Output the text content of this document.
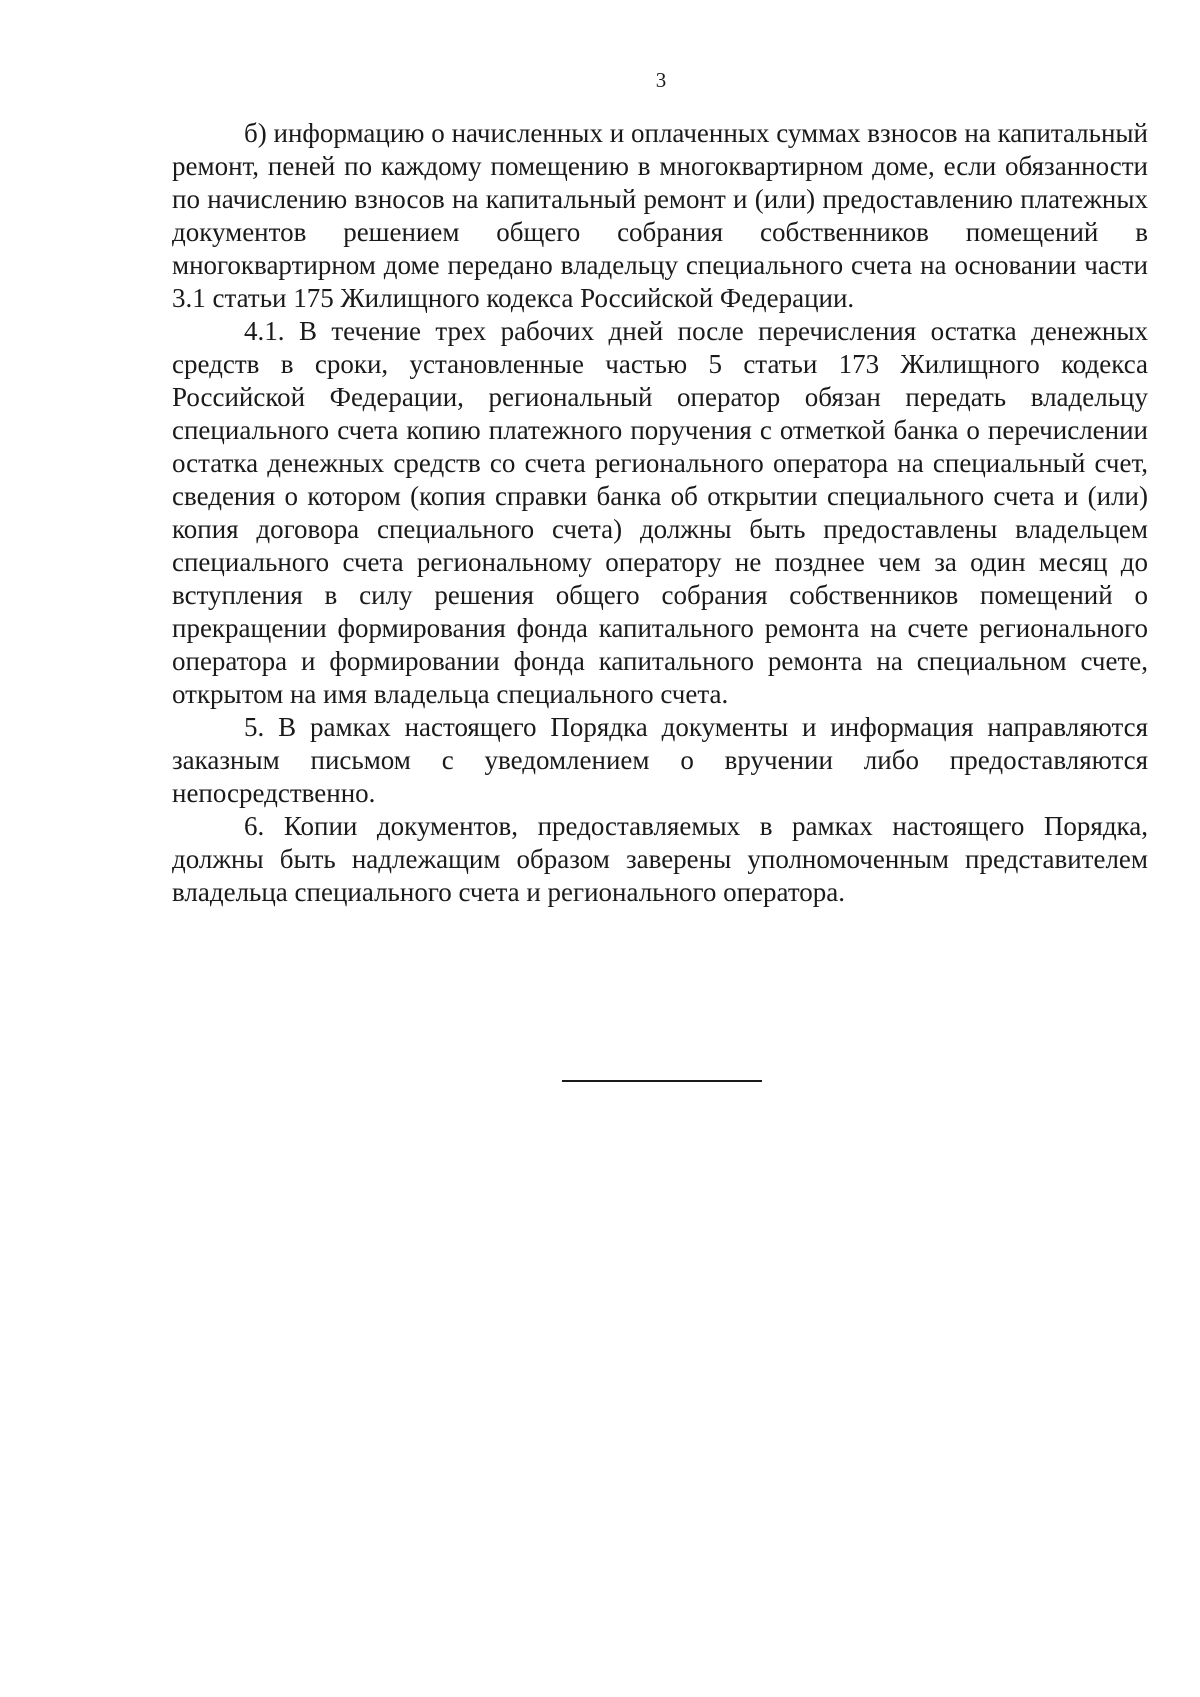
3

б) информацию о начисленных и оплаченных суммах взносов на капитальный ремонт, пеней по каждому помещению в многоквартирном доме, если обязанности по начислению взносов на капитальный ремонт и (или) предоставлению платежных документов решением общего собрания собственников помещений в многоквартирном доме передано владельцу специального счета на основании части 3.1 статьи 175 Жилищного кодекса Российской Федерации.

4.1. В течение трех рабочих дней после перечисления остатка денежных средств в сроки, установленные частью 5 статьи 173 Жилищного кодекса Российской Федерации, региональный оператор обязан передать владельцу специального счета копию платежного поручения с отметкой банка о перечислении остатка денежных средств со счета регионального оператора на специальный счет, сведения о котором (копия справки банка об открытии специального счета и (или) копия договора специального счета) должны быть предоставлены владельцем специального счета региональному оператору не позднее чем за один месяц до вступления в силу решения общего собрания собственников помещений о прекращении формирования фонда капитального ремонта на счете регионального оператора и формировании фонда капитального ремонта на специальном счете, открытом на имя владельца специального счета.

5. В рамках настоящего Порядка документы и информация направляются заказным письмом с уведомлением о вручении либо предоставляются непосредственно.

6. Копии документов, предоставляемых в рамках настоящего Порядка, должны быть надлежащим образом заверены уполномоченным представителем владельца специального счета и регионального оператора.
